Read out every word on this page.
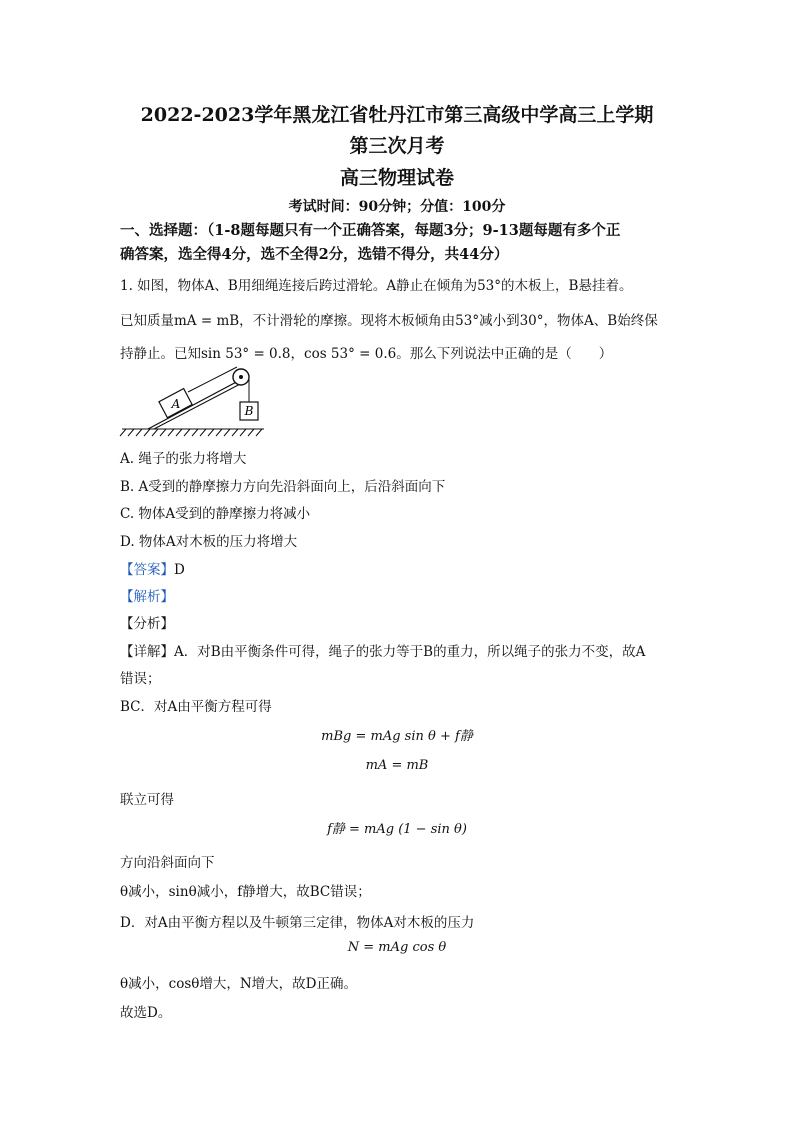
2022-2023学年黑龙江省牡丹江市第三高级中学高三上学期
第三次月考
高三物理试卷
考试时间：90分钟；分值：100分
一、选择题：（1-8题每题只有一个正确答案，每题3分；9-13题每题有多个正
确答案，选全得4分，选不全得2分，选错不得分，共44分）
1. 如图，物体A、B用细绳连接后跨过滑轮。A静止在倾角为53°的木板上，B悬挂着。
已知质量mA = mB，不计滑轮的摩擦。现将木板倾角由53°减小到30°，物体A、B始终保
持静止。已知sin 53° = 0.8，cos 53° = 0.6。那么下列说法中正确的是（　　）
A	B
A. 绳子的张力将增大
B. A受到的静摩擦力方向先沿斜面向上，后沿斜面向下
C. 物体A受到的静摩擦力将减小
D. 物体A对木板的压力将增大
【答案】D
【解析】
【分析】
【详解】A．对B由平衡条件可得，绳子的张力等于B的重力，所以绳子的张力不变，故A
错误；
BC．对A由平衡方程可得
mBg = mAg sin θ + f静
mA = mB
联立可得
f静 = mAg (1 − sin θ)
方向沿斜面向下
θ减小，sinθ减小，f静增大，故BC错误；
D．对A由平衡方程以及牛顿第三定律，物体A对木板的压力
N = mAg cos θ
θ减小，cosθ增大，N增大，故D正确。
故选D。
